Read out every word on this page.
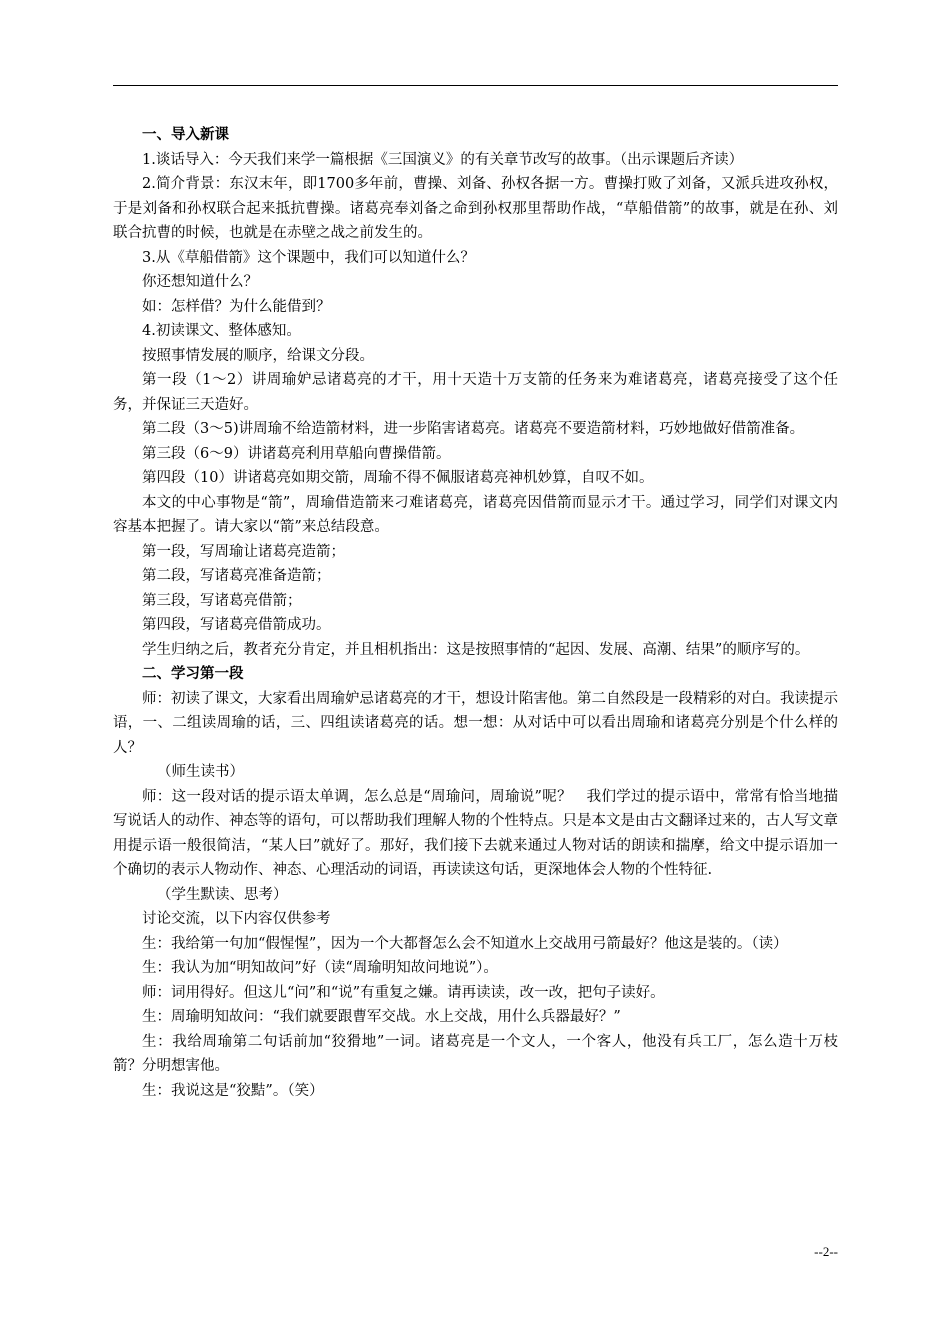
一、导入新课

1.谈话导入：今天我们来学一篇根据《三国演义》的有关章节改写的故事。（出示课题后齐读）

2.简介背景：东汉末年，即1700多年前，曹操、刘备、孙权各据一方。曹操打败了刘备，又派兵进攻孙权，于是刘备和孙权联合起来抵抗曹操。诸葛亮奉刘备之命到孙权那里帮助作战，“草船借箭”的故事，就是在孙、刘联合抗曹的时候，也就是在赤壁之战之前发生的。

3.从《草船借箭》这个课题中，我们可以知道什么？

你还想知道什么？

如：怎样借？为什么能借到？

4.初读课文、整体感知。

按照事情发展的顺序，给课文分段。

第一段（1～2）讲周瑜妒忌诸葛亮的才干，用十天造十万支箭的任务来为难诸葛亮，诸葛亮接受了这个任务，并保证三天造好。

第二段（3～5)讲周瑜不给造箭材料，进一步陷害诸葛亮。诸葛亮不要造箭材料，巧妙地做好借箭准备。

第三段（6～9）讲诸葛亮利用草船向曹操借箭。

第四段（10）讲诸葛亮如期交箭，周瑜不得不佩服诸葛亮神机妙算，自叹不如。

本文的中心事物是“箭”，周瑜借造箭来刁难诸葛亮，诸葛亮因借箭而显示才干。通过学习，同学们对课文内容基本把握了。请大家以“箭”来总结段意。

第一段，写周瑜让诸葛亮造箭；

第二段，写诸葛亮准备造箭；

第三段，写诸葛亮借箭；

第四段，写诸葛亮借箭成功。

学生归纳之后，教者充分肯定，并且相机指出：这是按照事情的“起因、发展、高潮、结果”的顺序写的。

二、学习第一段

师：初读了课文，大家看出周瑜妒忌诸葛亮的才干，想设计陷害他。第二自然段是一段精彩的对白。我读提示语，一、二组读周瑜的话，三、四组读诸葛亮的话。想一想：从对话中可以看出周瑜和诸葛亮分别是个什么样的人？

（师生读书）

师：这一段对话的提示语太单调，怎么总是“周瑜问，周瑜说”呢？　我们学过的提示语中，常常有恰当地描写说话人的动作、神态等的语句，可以帮助我们理解人物的个性特点。只是本文是由古文翻译过来的，古人写文章用提示语一般很简洁，“某人曰”就好了。那好，我们接下去就来通过人物对话的朗读和揣摩，给文中提示语加一个确切的表示人物动作、神态、心理活动的词语，再读读这句话，更深地体会人物的个性特征.

（学生默读、思考）

讨论交流，以下内容仅供参考

生：我给第一句加“假惺惺”，因为一个大都督怎么会不知道水上交战用弓箭最好？他这是装的。（读）

生：我认为加“明知故问”好（读“周瑜明知故问地说”）。

师：词用得好。但这儿“问”和“说”有重复之嫌。请再读读，改一改，把句子读好。

生：周瑜明知故问：“我们就要跟曹军交战。水上交战，用什么兵器最好？”

生：我给周瑜第二句话前加“狡猾地”一词。诸葛亮是一个文人，一个客人，他没有兵工厂，怎么造十万枝箭？分明想害他。

生：我说这是“狡黠”。（笑）

--2--
